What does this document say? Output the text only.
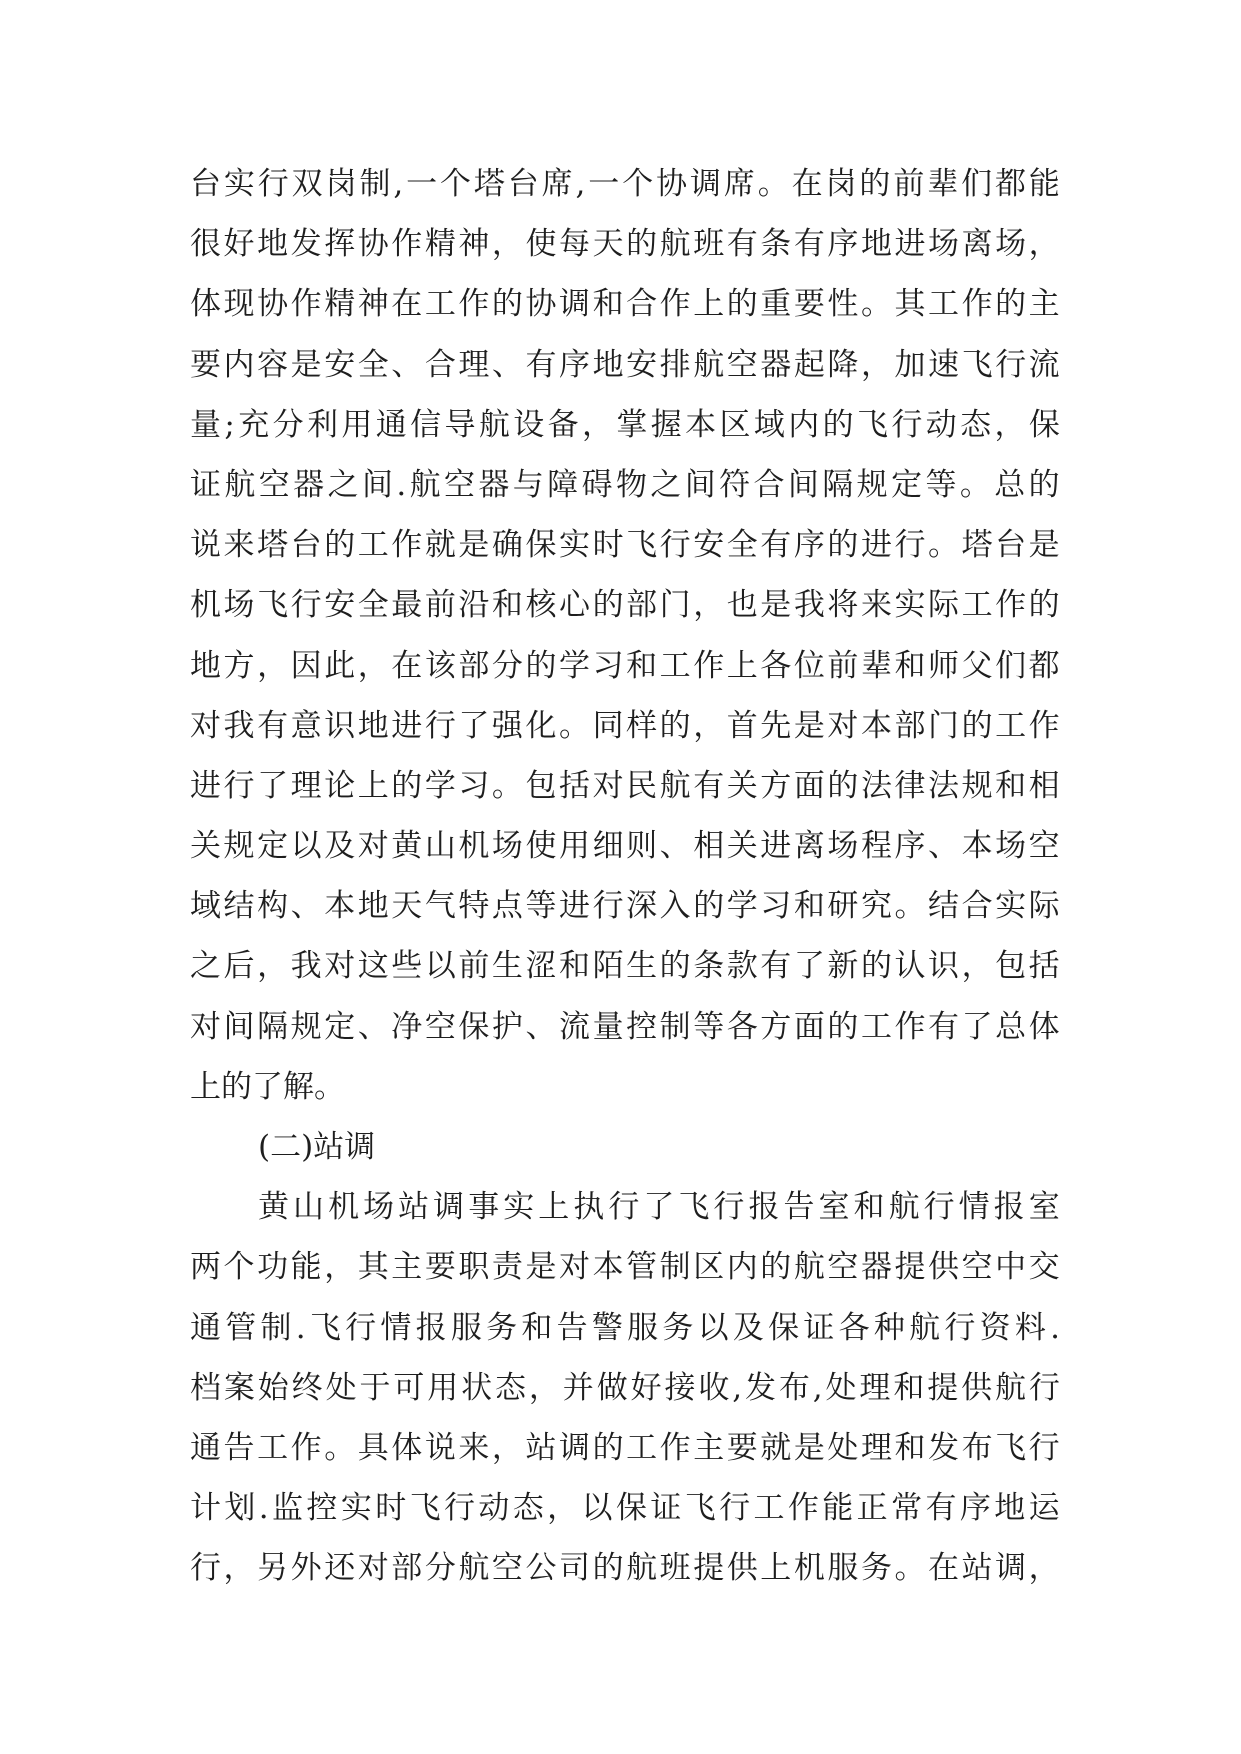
台 实 行 双 岗 制 , 一 个 塔 台 席 , 一 个 协 调 席 。 在 岗 的 前 辈 们 都 能
很 好 地 发 挥 协 作 精 神 ， 使 每 天 的 航 班 有 条 有 序 地 进 场 离 场 ，
体 现 协 作 精 神 在 工 作 的 协 调 和 合 作 上 的 重 要 性 。 其 工 作 的 主
要 内 容 是 安 全 、 合 理 、 有 序 地 安 排 航 空 器 起 降 ， 加 速 飞 行 流
量 ; 充 分 利 用 通 信 导 航 设 备 ， 掌 握 本 区 域 内 的 飞 行 动 态 ， 保
证 航 空 器 之 间 . 航 空 器 与 障 碍 物 之 间 符 合 间 隔 规 定 等 。 总 的
说 来 塔 台 的 工 作 就 是 确 保 实 时 飞 行 安 全 有 序 的 进 行 。 塔 台 是
机 场 飞 行 安 全 最 前 沿 和 核 心 的 部 门 ， 也 是 我 将 来 实 际 工 作 的
地 方 ， 因 此 ， 在 该 部 分 的 学 习 和 工 作 上 各 位 前 辈 和 师 父 们 都
对 我 有 意 识 地 进 行 了 强 化 。 同 样 的 ， 首 先 是 对 本 部 门 的 工 作
进 行 了 理 论 上 的 学 习 。 包 括 对 民 航 有 关 方 面 的 法 律 法 规 和 相
关 规 定 以 及 对 黄 山 机 场 使 用 细 则 、 相 关 进 离 场 程 序 、 本 场 空
域 结 构 、 本 地 天 气 特 点 等 进 行 深 入 的 学 习 和 研 究 。 结 合 实 际
之 后 ， 我 对 这 些 以 前 生 涩 和 陌 生 的 条 款 有 了 新 的 认 识 ， 包 括
对 间 隔 规 定 、 净 空 保 护 、 流 量 控 制 等 各 方 面 的 工 作 有 了 总 体
上的了解。
(二)站调
黄 山 机 场 站 调 事 实 上 执 行 了 飞 行 报 告 室 和 航 行 情 报 室
两 个 功 能 ， 其 主 要 职 责 是 对 本 管 制 区 内 的 航 空 器 提 供 空 中 交
通 管 制 . 飞 行 情 报 服 务 和 告 警 服 务 以 及 保 证 各 种 航 行 资 料 .
档 案 始 终 处 于 可 用 状 态 ， 并 做 好 接 收 , 发 布 , 处 理 和 提 供 航 行
通 告 工 作 。 具 体 说 来 ， 站 调 的 工 作 主 要 就 是 处 理 和 发 布 飞 行
计 划 . 监 控 实 时 飞 行 动 态 ， 以 保 证 飞 行 工 作 能 正 常 有 序 地 运
行 ， 另 外 还 对 部 分 航 空 公 司 的 航 班 提 供 上 机 服 务 。 在 站 调 ，
